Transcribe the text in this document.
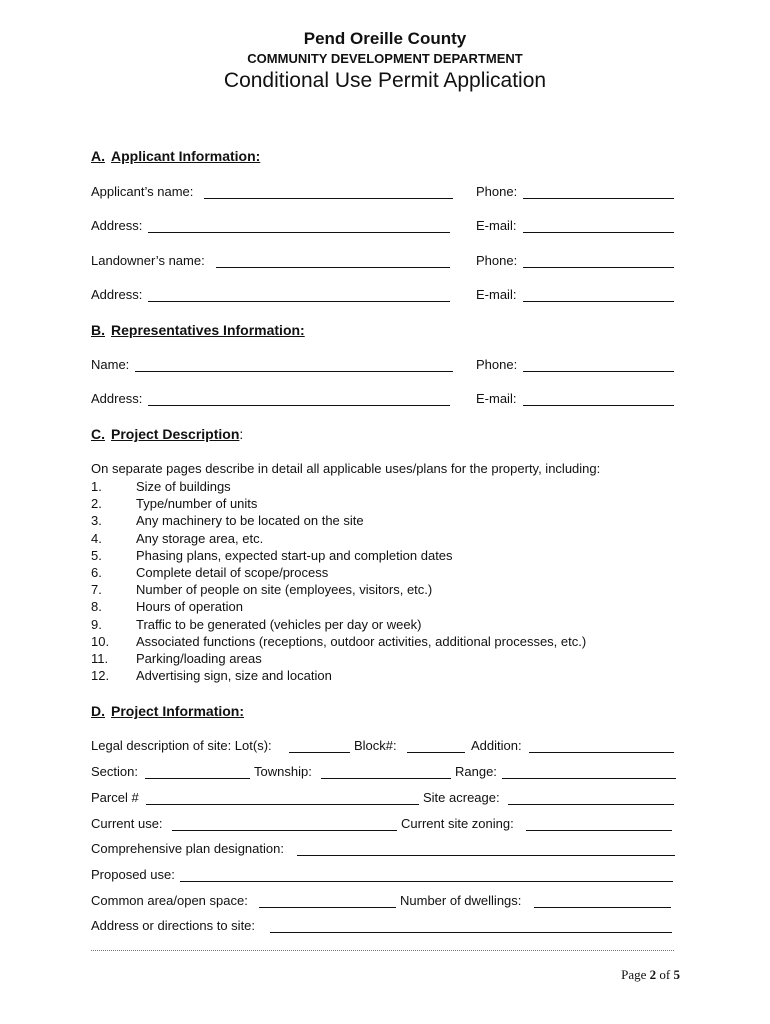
Pend Oreille County
COMMUNITY DEVELOPMENT DEPARTMENT
Conditional Use Permit Application
A. Applicant Information:
Applicant’s name:	Phone:
Address:	E-mail:
Landowner’s name:	Phone:
Address:	E-mail:
B. Representatives Information:
Name:	Phone:
Address:	E-mail:
C. Project Description:
On separate pages describe in detail all applicable uses/plans for the property, including:
1.	Size of buildings
2.	Type/number of units
3.	Any machinery to be located on the site
4.	Any storage area, etc.
5.	Phasing plans, expected start-up and completion dates
6.	Complete detail of scope/process
7.	Number of people on site (employees, visitors, etc.)
8.	Hours of operation
9.	Traffic to be generated (vehicles per day or week)
10. Associated functions (receptions, outdoor activities, additional processes, etc.)
11. Parking/loading areas
12. Advertising sign, size and location
D. Project Information:
Legal description of site: Lot(s):	Block#:	Addition:
Section:	Township:	Range:
Parcel #	Site acreage:
Current use:	Current site zoning:
Comprehensive plan designation:
Proposed use:
Common area/open space:	Number of dwellings:
Address or directions to site:
Page 2 of 5
